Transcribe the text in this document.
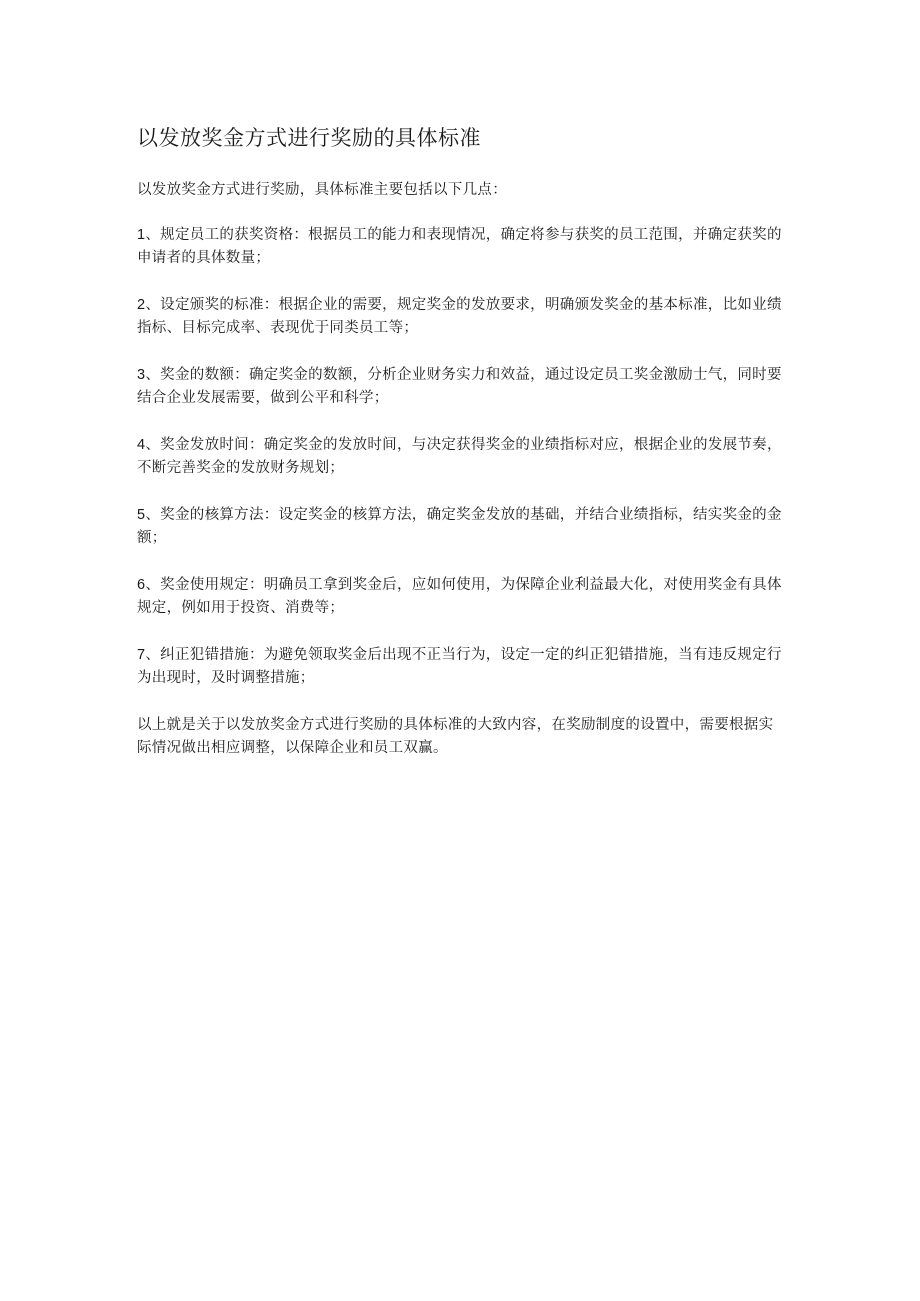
以发放奖金方式进行奖励的具体标准

以发放奖金方式进行奖励，具体标准主要包括以下几点：

1、规定员工的获奖资格：根据员工的能力和表现情况，确定将参与获奖的员工范围，并确定获奖的申请者的具体数量；

2、设定颁奖的标准：根据企业的需要，规定奖金的发放要求，明确颁发奖金的基本标准，比如业绩指标、目标完成率、表现优于同类员工等；

3、奖金的数额：确定奖金的数额，分析企业财务实力和效益，通过设定员工奖金激励士气，同时要结合企业发展需要，做到公平和科学；

4、奖金发放时间：确定奖金的发放时间，与决定获得奖金的业绩指标对应，根据企业的发展节奏，不断完善奖金的发放财务规划；

5、奖金的核算方法：设定奖金的核算方法，确定奖金发放的基础，并结合业绩指标，结实奖金的金额；

6、奖金使用规定：明确员工拿到奖金后，应如何使用，为保障企业利益最大化，对使用奖金有具体规定，例如用于投资、消费等；

7、纠正犯错措施：为避免领取奖金后出现不正当行为，设定一定的纠正犯错措施，当有违反规定行为出现时，及时调整措施；

以上就是关于以发放奖金方式进行奖励的具体标准的大致内容，在奖励制度的设置中，需要根据实际情况做出相应调整，以保障企业和员工双赢。
